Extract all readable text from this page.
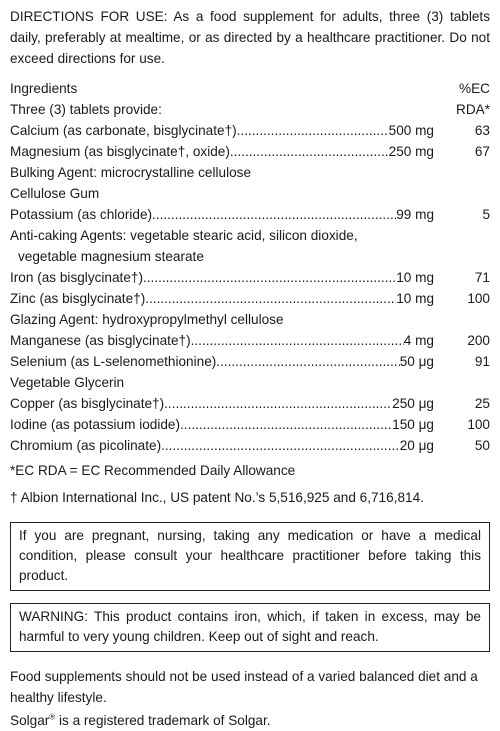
DIRECTIONS FOR USE: As a food supplement for adults, three (3) tablets daily, preferably at mealtime, or as directed by a healthcare practitioner. Do not exceed directions for use.

Ingredients	%EC
Three (3) tablets provide:	RDA*
Calcium (as carbonate, bisglycinate†) .....	500 mg	63
Magnesium (as bisglycinate†, oxide) .....	250 mg	67
Bulking Agent: microcrystalline cellulose
Cellulose Gum
Potassium (as chloride) .....	99 mg	5
Anti-caking Agents: vegetable stearic acid, silicon dioxide,
vegetable magnesium stearate
Iron (as bisglycinate†) .....	10 mg	71
Zinc (as bisglycinate†) .....	10 mg	100
Glazing Agent: hydroxypropylmethyl cellulose
Manganese (as bisglycinate†) .....	4 mg	200
Selenium (as L-selenomethionine) .....	50 μg	91
Vegetable Glycerin
Copper (as bisglycinate†) .....	250 μg	25
Iodine (as potassium iodide) .....	150 μg	100
Chromium (as picolinate) .....	20 μg	50
*EC RDA = EC Recommended Daily Allowance
† Albion International Inc., US patent No.’s 5,516,925 and 6,716,814.
If you are pregnant, nursing, taking any medication or have a medical condition, please consult your healthcare practitioner before taking this product.
WARNING: This product contains iron, which, if taken in excess, may be harmful to very young children. Keep out of sight and reach.
Food supplements should not be used instead of a varied balanced diet and a healthy lifestyle.
Solgar® is a registered trademark of Solgar.
